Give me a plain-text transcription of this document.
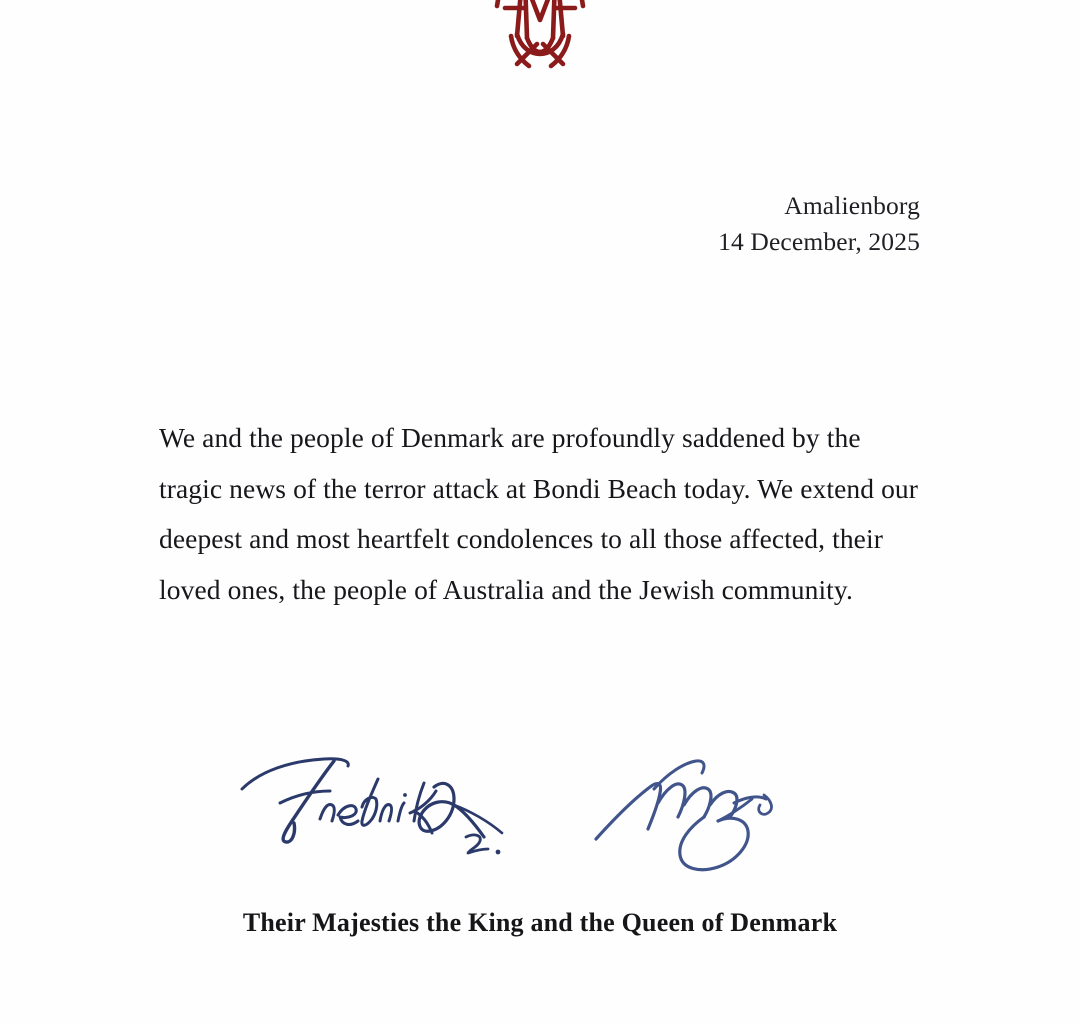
Amalienborg
14 December, 2025
We and the people of Denmark are profoundly saddened by the
tragic news of the terror attack at Bondi Beach today. We extend our
deepest and most heartfelt condolences to all those affected, their
loved ones, the people of Australia and the Jewish community.
Their Majesties the King and the Queen of Denmark
